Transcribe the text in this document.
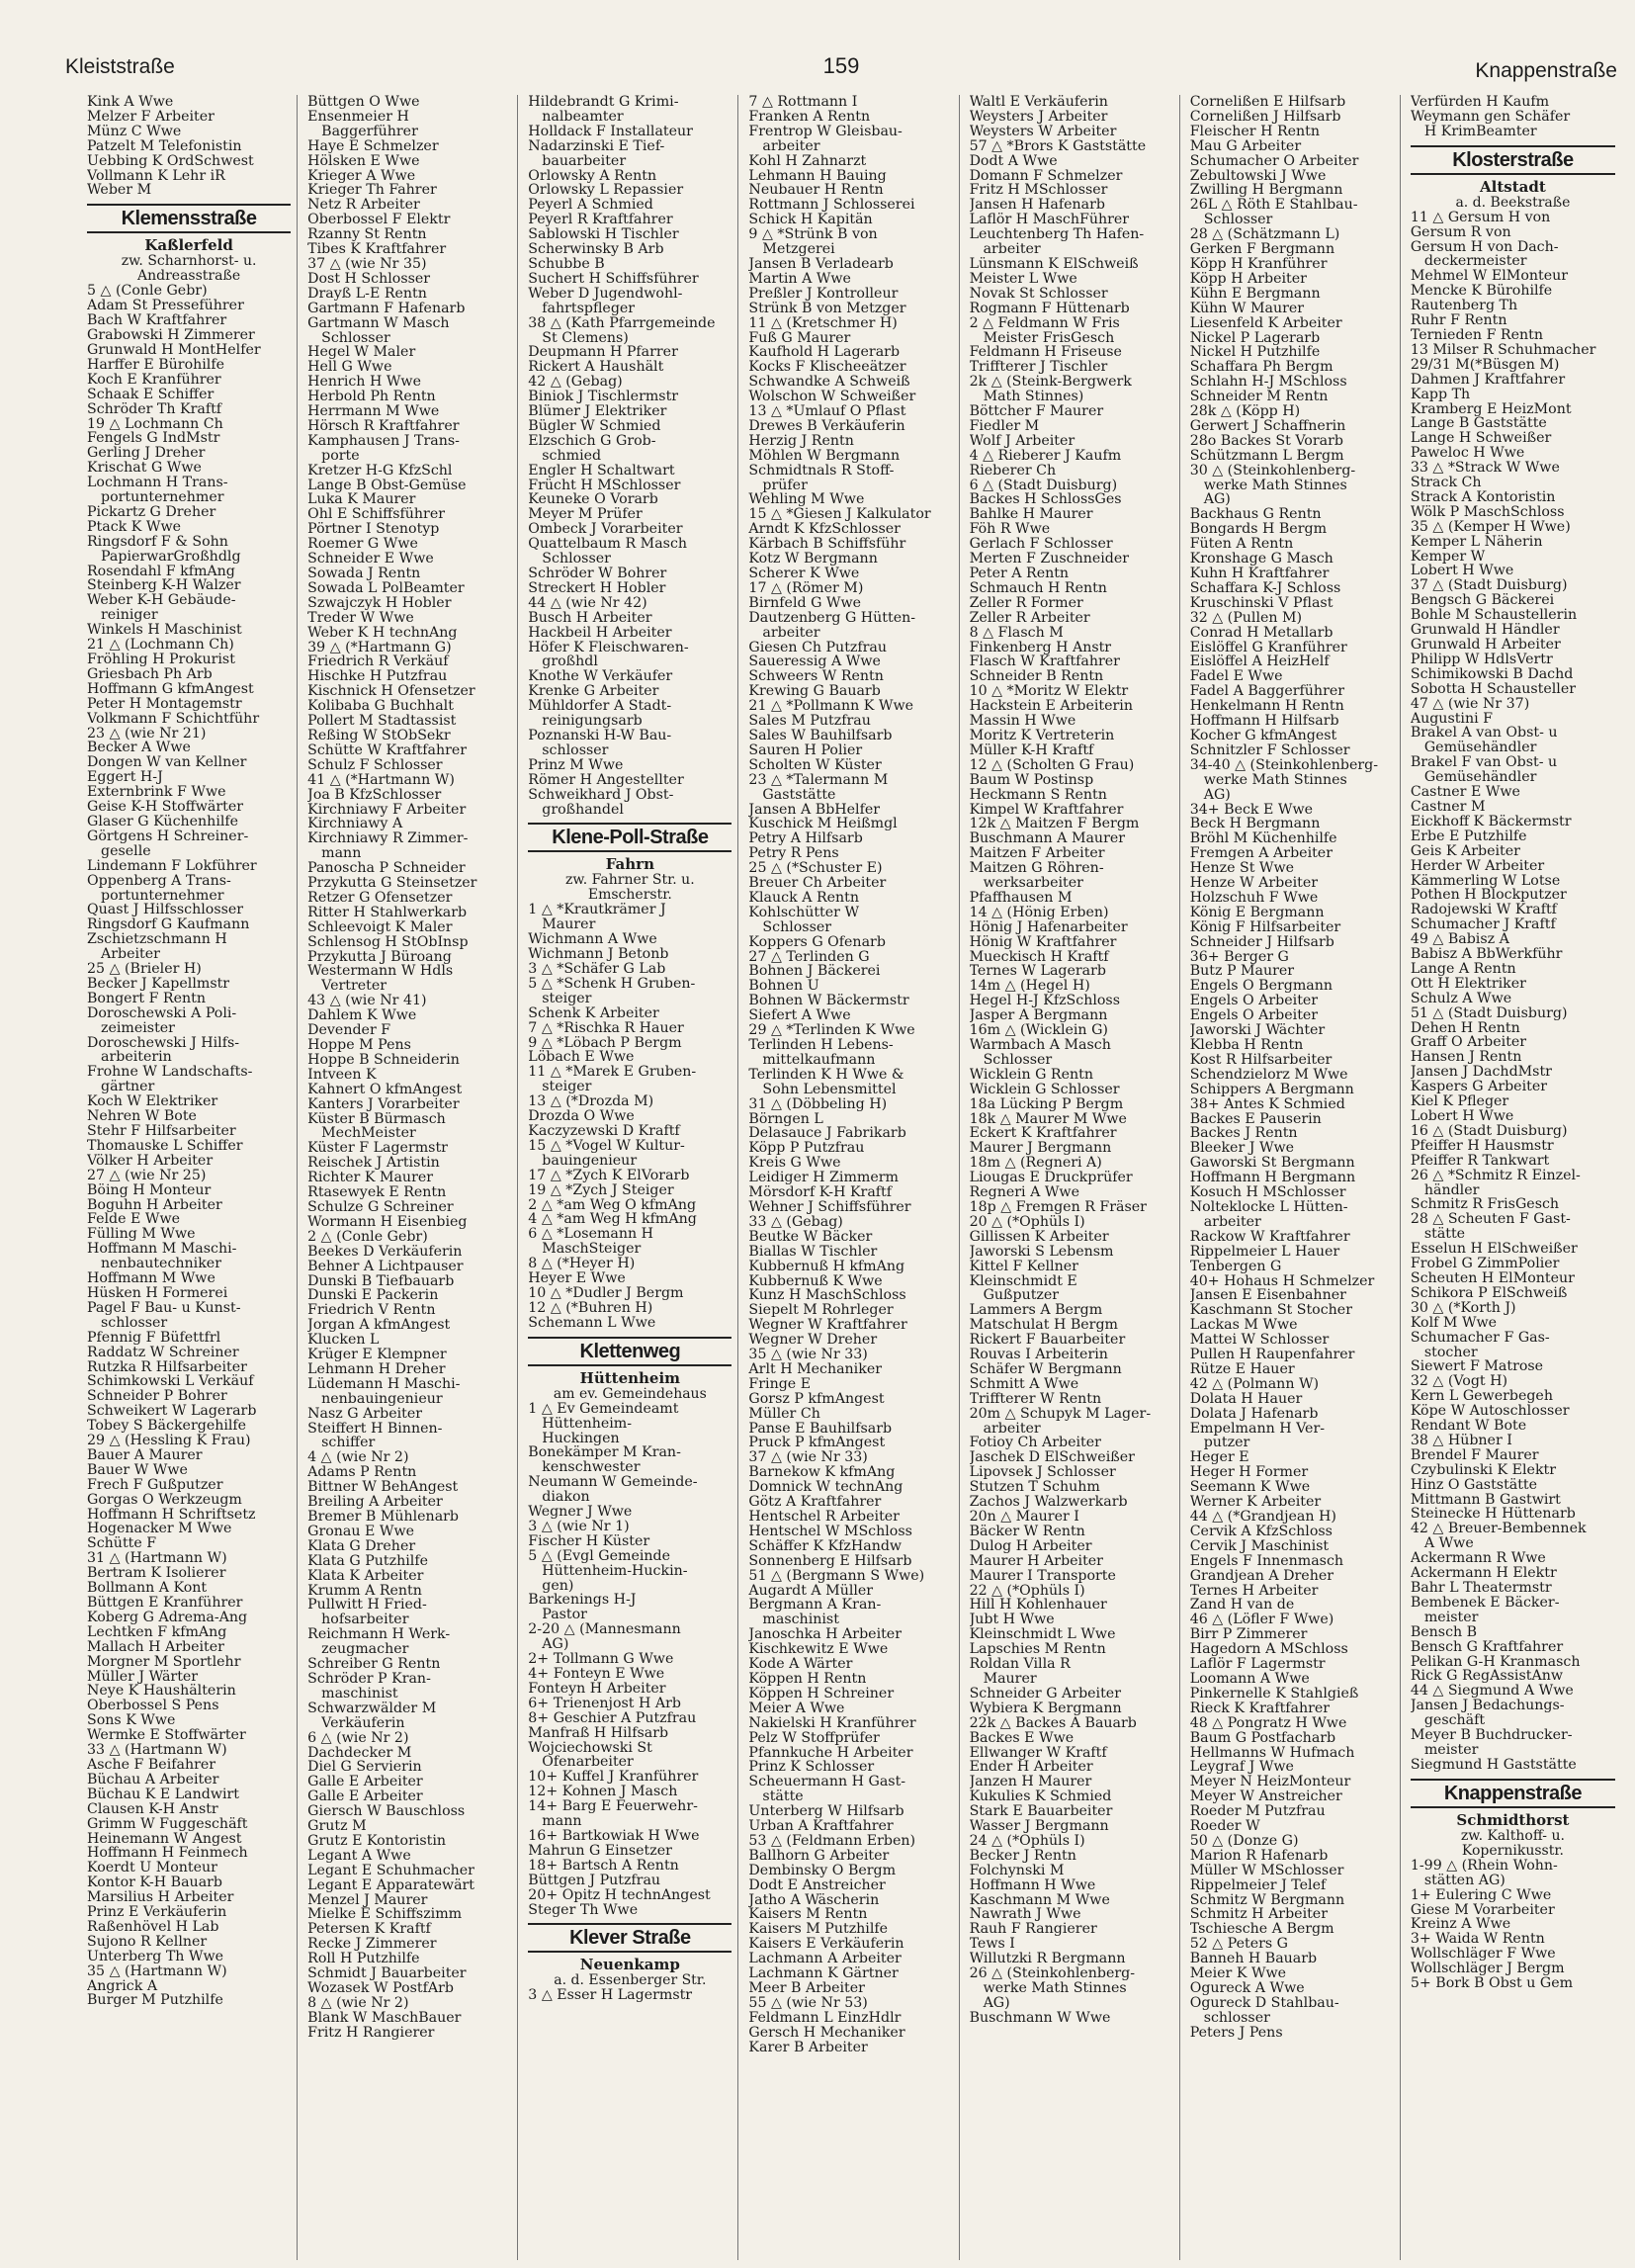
Kleiststraße	159	Knappenstraße
Kink A Wwe
Melzer F Arbeiter
Münz C Wwe
Patzelt M Telefonistin
Uebbing K OrdSchwest
Vollmann K Lehr iR
Weber M
Klemensstraße
Kaßlerfeld
zw. Scharnhorst- u. Andreasstraße
5 △ (Conle Gebr)
Adam St Presseführer
Bach W Kraftfahrer
Grabowski H Zimmerer
Grunwald H MontHelfer
Harffer E Bürohilfe
Koch E Kranführer
Schaak E Schiffer
Schröder Th Kraftf
19 △ Lochmann Ch
Fengels G IndMstr
Gerling J Dreher
Krischat G Wwe
Lochmann H Trans-
portunternehmer
Pickartz G Dreher
Ptack K Wwe
Ringsdorf F & Sohn
PapierwarGroßhdlg
Rosendahl F kfmAng
Steinberg K-H Walzer
Weber K-H Gebäude-
reiniger
Winkels H Maschinist
21 △ (Lochmann Ch)
Fröhling H Prokurist
Griesbach Ph Arb
Hoffmann G kfmAngest
Peter H Montagemstr
Volkmann F Schichtführ
23 △ (wie Nr 21)
Becker A Wwe
Dongen W van Kellner
Eggert H-J
Externbrink F Wwe
Geise K-H Stoffwärter
Glaser G Küchenhilfe
Görtgens H Schreiner-
geselle
Lindemann F Lokführer
Oppenberg A Trans-
portunternehmer
Quast J Hilfsschlosser
Ringsdorf G Kaufmann
Zschietzschmann H
Arbeiter
25 △ (Brieler H)
Becker J Kapellmstr
Bongert F Rentn
Doroschewski A Poli-
zeimeister
Doroschewski J Hilfs-
arbeiterin
Frohne W Landschafts-
gärtner
Koch W Elektriker
Nehren W Bote
Stehr F Hilfsarbeiter
Thomauske L Schiffer
Völker H Arbeiter
27 △ (wie Nr 25)
Böing H Monteur
Boguhn H Arbeiter
Felde E Wwe
Fülling M Wwe
Hoffmann M Maschi-
nenbautechniker
Hoffmann M Wwe
Hüsken H Formerei
Pagel F Bau- u Kunst-
schlosser
Pfennig F Büfettfrl
Raddatz W Schreiner
Rutzka R Hilfsarbeiter
Schimkowski L Verkäuf
Schneider P Bohrer
Schweikert W Lagerarb
Tobey S Bäckergehilfe
29 △ (Hessling K Frau)
Bauer A Maurer
Bauer W Wwe
Frech F Gußputzer
Gorgas O Werkzeugm
Hoffmann H Schriftsetz
Hogenacker M Wwe
Schütte F
31 △ (Hartmann W)
Bertram K Isolierer
Bollmann A Kont
Büttgen E Kranführer
Koberg G Adrema-Ang
Lechtken F kfmAng
Mallach H Arbeiter
Morgner M Sportlehr
Müller J Wärter
Neye K Haushälterin
Oberbossel S Pens
Sons K Wwe
Wermke E Stoffwärter
33 △ (Hartmann W)
Asche F Beifahrer
Büchau A Arbeiter
Büchau K E Landwirt
Clausen K-H Anstr
Grimm W Fuggeschäft
Heinemann W Angest
Hoffmann H Feinmech
Koerdt U Monteur
Kontor K-H Bauarb
Marsilius H Arbeiter
Prinz E Verkäuferin
Raßenhövel H Lab
Sujono R Kellner
Unterberg Th Wwe
35 △ (Hartmann W)
Angrick A
Burger M Putzhilfe
Büttgen O Wwe
Ensenmeier H
Baggerführer
Haye E Schmelzer
Hölsken E Wwe
Krieger A Wwe
Krieger Th Fahrer
Netz R Arbeiter
Oberbossel F Elektr
Rzanny St Rentn
Tibes K Kraftfahrer
37 △ (wie Nr 35)
Dost H Schlosser
Drayß L-E Rentn
Gartmann F Hafenarb
Gartmann W Masch
Schlosser
Hegel W Maler
Hell G Wwe
Henrich H Wwe
Herbold Ph Rentn
Herrmann M Wwe
Hörsch R Kraftfahrer
Kamphausen J Trans-
porte
Kretzer H-G KfzSchl
Lange B Obst-Gemüse
Luka K Maurer
Ohl E Schiffsführer
Pörtner I Stenotyp
Roemer G Wwe
Schneider E Wwe
Sowada J Rentn
Sowada L PolBeamter
Szwajczyk H Hobler
Treder W Wwe
Weber K H technAng
39 △ (*Hartmann G)
Friedrich R Verkäuf
Hischke H Putzfrau
Kischnick H Ofensetzer
Kolibaba G Buchhalt
Pollert M Stadtassist
Reßing W StObSekr
Schütte W Kraftfahrer
Schulz F Schlosser
41 △ (*Hartmann W)
Joa B KfzSchlosser
Kirchniawy F Arbeiter
Kirchniawy A
Kirchniawy R Zimmer-
mann
Panoscha P Schneider
Przykutta G Steinsetzer
Retzer G Ofensetzer
Ritter H Stahlwerkarb
Schleevoigt K Maler
Schlensog H StObInsp
Przykutta J Büroang
Westermann W Hdls
Vertreter
43 △ (wie Nr 41)
Dahlem K Wwe
Devender F
Hoppe M Pens
Hoppe B Schneiderin
Intveen K
Kahnert O kfmAngest
Kanters J Vorarbeiter
Küster B Bürmasch
MechMeister
Küster F Lagermstr
Reischek J Artistin
Richter K Maurer
Rtasewyek E Rentn
Schulze G Schreiner
Wormann H Eisenbieg
2 △ (Conle Gebr)
Beekes D Verkäuferin
Behner A Lichtpauser
Dunski B Tiefbauarb
Dunski E Packerin
Friedrich V Rentn
Jorgan A kfmAngest
Klucken L
Krüger E Klempner
Lehmann H Dreher
Lüdemann H Maschi-
nenbauingenieur
Nasz G Arbeiter
Steiffert H Binnen-
schiffer
4 △ (wie Nr 2)
Adams P Rentn
Bittner W BehAngest
Breiling A Arbeiter
Bremer B Mühlenarb
Gronau E Wwe
Klata G Dreher
Klata G Putzhilfe
Klata K Arbeiter
Krumm A Rentn
Pullwitt H Fried-
hofsarbeiter
Reichmann H Werk-
zeugmacher
Schreiber G Rentn
Schröder P Kran-
maschinist
Schwarzwälder M
Verkäuferin
6 △ (wie Nr 2)
Dachdecker M
Diel G Servierin
Galle E Arbeiter
Galle E Arbeiter
Giersch W Bauschloss
Grutz M
Grutz E Kontoristin
Legant A Wwe
Legant E Schuhmacher
Legant E Apparatewärt
Menzel J Maurer
Mielke E Schiffszimm
Petersen K Kraftf
Recke J Zimmerer
Roll H Putzhilfe
Schmidt J Bauarbeiter
Wozasek W PostfArb
8 △ (wie Nr 2)
Blank W MaschBauer
Fritz H Rangierer
Hildebrandt G Krimi-
nalbeamter
Holldack F Installateur
Nadarzinski E Tief-
bauarbeiter
Orlowsky A Rentn
Orlowsky L Repassier
Peyerl A Schmied
Peyerl R Kraftfahrer
Sablowski H Tischler
Scherwinsky B Arb
Schubbe B
Suchert H Schiffsführer
Weber D Jugendwohl-
fahrtspfleger
38 △ (Kath Pfarrgemeinde
St Clemens)
Deupmann H Pfarrer
Rickert A Haushält
42 △ (Gebag)
Biniok J Tischlermstr
Blümer J Elektriker
Bügler W Schmied
Elzschich G Grob-
schmied
Engler H Schaltwart
Frücht H MSchlosser
Keuneke O Vorarb
Meyer M Prüfer
Ombeck J Vorarbeiter
Quattelbaum R Masch
Schlosser
Schröder W Bohrer
Streckert H Hobler
44 △ (wie Nr 42)
Busch H Arbeiter
Hackbeil H Arbeiter
Höfer K Fleischwaren-
großhdl
Knothe W Verkäufer
Krenke G Arbeiter
Mühldorfer A Stadt-
reinigungsarb
Poznanski H-W Bau-
schlosser
Prinz M Wwe
Römer H Angestellter
Schweikhard J Obst-
großhandel
Klene-Poll-Straße
Fahrn
zw. Fahrner Str. u. Emscherstr.
1 △ *Krautkrämer J
Maurer
Wichmann A Wwe
Wichmann J Betonb
3 △ *Schäfer G Lab
5 △ *Schenk H Gruben-
steiger
Schenk K Arbeiter
7 △ *Rischka R Hauer
9 △ *Löbach P Bergm
Löbach E Wwe
11 △ *Marek E Gruben-
steiger
13 △ (*Drozda M)
Drozda O Wwe
Kaczyzewski D Kraftf
15 △ *Vogel W Kultur-
bauingenieur
17 △ *Zych K ElVorarb
19 △ *Zych J Steiger
2 △ *am Weg O kfmAng
4 △ *am Weg H kfmAng
6 △ *Losemann H
MaschSteiger
8 △ (*Heyer H)
Heyer E Wwe
10 △ *Dudler J Bergm
12 △ (*Buhren H)
Schemann L Wwe
Klettenweg
Hüttenheim
am ev. Gemeindehaus
1 △ Ev Gemeindeamt
Hüttenheim-
Huckingen
Bonekämper M Kran-
kenschwester
Neumann W Gemeinde-
diakon
Wegner J Wwe
3 △ (wie Nr 1)
Fischer H Küster
5 △ (Evgl Gemeinde
Hüttenheim-Huckin-
gen)
Barkenings H-J
Pastor
2-20 △ (Mannesmann
AG)
2+ Tollmann G Wwe
4+ Fonteyn E Wwe
Fonteyn H Arbeiter
6+ Trienenjost H Arb
8+ Geschier A Putzfrau
Manfraß H Hilfsarb
Wojciechowski St
Ofenarbeiter
10+ Kuffel J Kranführer
12+ Kohnen J Masch
14+ Barg E Feuerwehr-
mann
16+ Bartkowiak H Wwe
Mahrun G Einsetzer
18+ Bartsch A Rentn
Büttgen J Putzfrau
20+ Opitz H technAngest
Steger Th Wwe
Klever Straße
Neuenkamp
a. d. Essenberger Str.
3 △ Esser H Lagermstr
7 △ Rottmann I
Franken A Rentn
Frentrop W Gleisbau-
arbeiter
Kohl H Zahnarzt
Lehmann H Bauing
Neubauer H Rentn
Rottmann J Schlosserei
Schick H Kapitän
9 △ *Strünk B von
Metzgerei
Jansen B Verladearb
Martin A Wwe
Preßler J Kontrolleur
Strünk B von Metzger
11 △ (Kretschmer H)
Fuß G Maurer
Kaufhold H Lagerarb
Kocks F Klischeeätzer
Schwandke A Schweiß
Wolschon W Schweißer
13 △ *Umlauf O Pflast
Drewes B Verkäuferin
Herzig J Rentn
Möhlen W Bergmann
Schmidtnals R Stoff-
prüfer
Wehling M Wwe
15 △ *Giesen J Kalkulator
Arndt K KfzSchlosser
Kärbach B Schiffsführ
Kotz W Bergmann
Scherer K Wwe
17 △ (Römer M)
Birnfeld G Wwe
Dautzenberg G Hütten-
arbeiter
Giesen Ch Putzfrau
Saueressig A Wwe
Schweers W Rentn
Krewing G Bauarb
21 △ *Pollmann K Wwe
Sales M Putzfrau
Sales W Bauhilfsarb
Sauren H Polier
Scholten W Küster
23 △ *Talermann M
Gaststätte
Jansen A BbHelfer
Kuschick M Heißmgl
Petry A Hilfsarb
Petry R Pens
25 △ (*Schuster E)
Breuer Ch Arbeiter
Klauck A Rentn
Kohlschütter W
Schlosser
Koppers G Ofenarb
27 △ Terlinden G
Bohnen J Bäckerei
Bohnen U
Bohnen W Bäckermstr
Siefert A Wwe
29 △ *Terlinden K Wwe
Terlinden H Lebens-
mittelkaufmann
Terlinden K H Wwe &
Sohn Lebensmittel
31 △ (Döbbeling H)
Börngen L
Delasauce J Fabrikarb
Köpp P Putzfrau
Kreis G Wwe
Leidiger H Zimmerm
Mörsdorf K-H Kraftf
Wehner J Schiffsführer
33 △ (Gebag)
Beutke W Bäcker
Biallas W Tischler
Kubbernuß H kfmAng
Kubbernuß K Wwe
Kunz H MaschSchloss
Siepelt M Rohrleger
Wegner W Kraftfahrer
Wegner W Dreher
35 △ (wie Nr 33)
Arlt H Mechaniker
Fringe E
Gorsz P kfmAngest
Müller Ch
Panse E Bauhilfsarb
Pruck P kfmAngest
37 △ (wie Nr 33)
Barnekow K kfmAng
Domnick W technAng
Götz A Kraftfahrer
Hentschel R Arbeiter
Hentschel W MSchloss
Schäffer K KfzHandw
Sonnenberg E Hilfsarb
51 △ (Bergmann S Wwe)
Augardt A Müller
Bergmann A Kran-
maschinist
Janoschka H Arbeiter
Kischkewitz E Wwe
Kode A Wärter
Köppen H Rentn
Köppen H Schreiner
Meier A Wwe
Nakielski H Kranführer
Pelz W Stoffprüfer
Pfannkuche H Arbeiter
Prinz K Schlosser
Scheuermann H Gast-
stätte
Unterberg W Hilfsarb
Urban A Kraftfahrer
53 △ (Feldmann Erben)
Ballhorn G Arbeiter
Dembinsky O Bergm
Dodt E Anstreicher
Jatho A Wäscherin
Kaisers M Rentn
Kaisers M Putzhilfe
Kaisers E Verkäuferin
Lachmann A Arbeiter
Lachmann K Gärtner
Meer B Arbeiter
55 △ (wie Nr 53)
Feldmann L EinzHdlr
Gersch H Mechaniker
Karer B Arbeiter
Waltl E Verkäuferin
Weysters J Arbeiter
Weysters W Arbeiter
57 △ *Brors K Gaststätte
Dodt A Wwe
Domann F Schmelzer
Fritz H MSchlosser
Jansen H Hafenarb
Laflör H MaschFührer
Leuchtenberg Th Hafen-
arbeiter
Lünsmann K ElSchweiß
Meister L Wwe
Novak St Schlosser
Rogmann F Hüttenarb
2 △ Feldmann W Fris
Meister FrisGesch
Feldmann H Friseuse
Triffterer J Tischler
2k △ (Steink-Bergwerk
Math Stinnes)
Böttcher F Maurer
Fiedler M
Wolf J Arbeiter
4 △ Rieberer J Kaufm
Rieberer Ch
6 △ (Stadt Duisburg)
Backes H SchlossGes
Bahlke H Maurer
Föh R Wwe
Gerlach F Schlosser
Merten F Zuschneider
Peter A Rentn
Schmauch H Rentn
Zeller R Former
Zeller R Arbeiter
8 △ Flasch M
Finkenberg H Anstr
Flasch W Kraftfahrer
Schneider B Rentn
10 △ *Moritz W Elektr
Hackstein E Arbeiterin
Massin H Wwe
Moritz K Vertreterin
Müller K-H Kraftf
12 △ (Scholten G Frau)
Baum W Postinsp
Heckmann S Rentn
Kimpel W Kraftfahrer
12k △ Maitzen F Bergm
Buschmann A Maurer
Maitzen F Arbeiter
Maitzen G Röhren-
werksarbeiter
Pfaffhausen M
14 △ (Hönig Erben)
Hönig J Hafenarbeiter
Hönig W Kraftfahrer
Mueckisch H Kraftf
Ternes W Lagerarb
14m △ (Hegel H)
Hegel H-J KfzSchloss
Jasper A Bergmann
16m △ (Wicklein G)
Warmbach A Masch
Schlosser
Wicklein G Rentn
Wicklein G Schlosser
18a Lücking P Bergm
18k △ Maurer M Wwe
Eckert K Kraftfahrer
Maurer J Bergmann
18m △ (Regneri A)
Liougas E Druckprüfer
Regneri A Wwe
18p △ Fremgen R Fräser
20 △ (*Ophüls I)
Gillissen K Arbeiter
Jaworski S Lebensm
Kittel F Kellner
Kleinschmidt E
Gußputzer
Lammers A Bergm
Matschulat H Bergm
Rickert F Bauarbeiter
Rouvas I Arbeiterin
Schäfer W Bergmann
Schmitt A Wwe
Triffterer W Rentn
20m △ Schupyk M Lager-
arbeiter
Fotioy Ch Arbeiter
Jaschek D ElSchweißer
Lipovsek J Schlosser
Stutzen T Schuhm
Zachos J Walzwerkarb
20n △ Maurer I
Bäcker W Rentn
Dulog H Arbeiter
Maurer H Arbeiter
Maurer I Transporte
22 △ (*Ophüls I)
Hill H Kohlenhauer
Jubt H Wwe
Kleinschmidt L Wwe
Lapschies M Rentn
Roldan Villa R
Maurer
Schneider G Arbeiter
Wybiera K Bergmann
22k △ Backes A Bauarb
Backes E Wwe
Ellwanger W Kraftf
Ender H Arbeiter
Janzen H Maurer
Kukulies K Schmied
Stark E Bauarbeiter
Wasser J Bergmann
24 △ (*Ophüls I)
Becker J Rentn
Folchynski M
Hoffmann H Wwe
Kaschmann M Wwe
Nawrath J Wwe
Rauh F Rangierer
Tews I
Willutzki R Bergmann
26 △ (Steinkohlenberg-
werke Math Stinnes
AG)
Buschmann W Wwe
Cornelißen E Hilfsarb
Cornelißen J Hilfsarb
Fleischer H Rentn
Mau G Arbeiter
Schumacher O Arbeiter
Zebultowski J Wwe
Zwilling H Bergmann
26L △ Röth E Stahlbau-
Schlosser
28 △ (Schätzmann L)
Gerken F Bergmann
Köpp H Kranführer
Köpp H Arbeiter
Kühn E Bergmann
Kühn W Maurer
Liesenfeld K Arbeiter
Nickel P Lagerarb
Nickel H Putzhilfe
Schaffara Ph Bergm
Schlahn H-J MSchloss
Schneider M Rentn
28k △ (Köpp H)
Gerwert J Schaffnerin
28o Backes St Vorarb
Schützmann L Bergm
30 △ (Steinkohlenberg-
werke Math Stinnes
AG)
Backhaus G Rentn
Bongards H Bergm
Füten A Rentn
Kronshage G Masch
Kuhn H Kraftfahrer
Schaffara K-J Schloss
Kruschinski V Pflast
32 △ (Pullen M)
Conrad H Metallarb
Eislöffel G Kranführer
Eislöffel A HeizHelf
Fadel E Wwe
Fadel A Baggerführer
Henkelmann H Rentn
Hoffmann H Hilfsarb
Kocher G kfmAngest
Schnitzler F Schlosser
34-40 △ (Steinkohlenberg-
werke Math Stinnes
AG)
34+ Beck E Wwe
Beck H Bergmann
Bröhl M Küchenhilfe
Fremgen A Arbeiter
Henze St Wwe
Henze W Arbeiter
Holzschuh F Wwe
König E Bergmann
König F Hilfsarbeiter
Schneider J Hilfsarb
36+ Berger G
Butz P Maurer
Engels O Bergmann
Engels O Arbeiter
Engels O Arbeiter
Jaworski J Wächter
Klebba H Rentn
Kost R Hilfsarbeiter
Schendzielorz M Wwe
Schippers A Bergmann
38+ Antes K Schmied
Backes E Pauserin
Backes J Rentn
Bleeker J Wwe
Gaworski St Bergmann
Hoffmann H Bergmann
Kosuch H MSchlosser
Nolteklocke L Hütten-
arbeiter
Rackow W Kraftfahrer
Rippelmeier L Hauer
Tenbergen G
40+ Hohaus H Schmelzer
Jansen E Eisenbahner
Kaschmann St Stocher
Lackas M Wwe
Mattei W Schlosser
Pullen H Raupenfahrer
Rütze E Hauer
42 △ (Polmann W)
Dolata H Hauer
Dolata J Hafenarb
Empelmann H Ver-
putzer
Heger E
Heger H Former
Seemann K Wwe
Werner K Arbeiter
44 △ (*Grandjean H)
Cervik A KfzSchloss
Cervik J Maschinist
Engels F Innenmasch
Grandjean A Dreher
Ternes H Arbeiter
Zand H van de
46 △ (Löfler F Wwe)
Birr P Zimmerer
Hagedorn A MSchloss
Laflör F Lagermstr
Loomann A Wwe
Pinkernelle K Stahlgieß
Rieck K Kraftfahrer
48 △ Pongratz H Wwe
Baum G Postfacharb
Hellmanns W Hufmach
Leygraf J Wwe
Meyer N HeizMonteur
Meyer W Anstreicher
Roeder M Putzfrau
Roeder W
50 △ (Donze G)
Marion R Hafenarb
Müller W MSchlosser
Rippelmeier J Telef
Schmitz W Bergmann
Schmitz H Arbeiter
Tschiesche A Bergm
52 △ Peters G
Banneh H Bauarb
Meier K Wwe
Ogureck A Wwe
Ogureck D Stahlbau-
schlosser
Peters J Pens
Verfürden H Kaufm
Weymann gen Schäfer
H KrimBeamter
Klosterstraße
Altstadt
a. d. Beekstraße
11 △ Gersum H von
Gersum R von
Gersum H von Dach-
deckermeister
Mehmel W ElMonteur
Mencke K Bürohilfe
Rautenberg Th
Ruhr F Rentn
Ternieden F Rentn
13 Milser R Schuhmacher
29/31 M(*Büsgen M)
Dahmen J Kraftfahrer
Kapp Th
Kramberg E HeizMont
Lange B Gaststätte
Lange H Schweißer
Paweloc H Wwe
33 △ *Strack W Wwe
Strack Ch
Strack A Kontoristin
Wölk P MaschSchloss
35 △ (Kemper H Wwe)
Kemper L Näherin
Kemper W
Lobert H Wwe
37 △ (Stadt Duisburg)
Bengsch G Bäckerei
Bohle M Schaustellerin
Grunwald H Händler
Grunwald H Arbeiter
Philipp W HdlsVertr
Schimikowski B Dachd
Sobotta H Schausteller
47 △ (wie Nr 37)
Augustini F
Brakel A van Obst- u
Gemüsehändler
Brakel F van Obst- u
Gemüsehändler
Castner E Wwe
Castner M
Eickhoff K Bäckermstr
Erbe E Putzhilfe
Geis K Arbeiter
Herder W Arbeiter
Kämmerling W Lotse
Pothen H Blockputzer
Radojewski W Kraftf
Schumacher J Kraftf
49 △ Babisz A
Babisz A BbWerkführ
Lange A Rentn
Ott H Elektriker
Schulz A Wwe
51 △ (Stadt Duisburg)
Dehen H Rentn
Graff O Arbeiter
Hansen J Rentn
Jansen J DachdMstr
Kaspers G Arbeiter
Kiel K Pfleger
Lobert H Wwe
16 △ (Stadt Duisburg)
Pfeiffer H Hausmstr
Pfeiffer R Tankwart
26 △ *Schmitz R Einzel-
händler
Schmitz R FrisGesch
28 △ Scheuten F Gast-
stätte
Esselun H ElSchweißer
Frobel G ZimmPolier
Scheuten H ElMonteur
Schikora P ElSchweiß
30 △ (*Korth J)
Kolf M Wwe
Schumacher F Gas-
stocher
Siewert F Matrose
32 △ (Vogt H)
Kern L Gewerbegeh
Köpe W Autoschlosser
Rendant W Bote
38 △ Hübner I
Brendel F Maurer
Czybulinski K Elektr
Hinz O Gaststätte
Mittmann B Gastwirt
Steinecke H Hüttenarb
42 △ Breuer-Bembennek
A Wwe
Ackermann R Wwe
Ackermann H Elektr
Bahr L Theatermstr
Bembenek E Bäcker-
meister
Bensch B
Bensch G Kraftfahrer
Pelikan G-H Kranmasch
Rick G RegAssistAnw
44 △ Siegmund A Wwe
Jansen J Bedachungs-
geschäft
Meyer B Buchdrucker-
meister
Siegmund H Gaststätte
Knappenstraße
Schmidthorst
zw. Kalthoff- u. Kopernikusstr.
1-99 △ (Rhein Wohn-
stätten AG)
1+ Eulering C Wwe
Giese M Vorarbeiter
Kreinz A Wwe
3+ Waida W Rentn
Wollschläger F Wwe
Wollschläger J Bergm
5+ Bork B Obst u Gem
